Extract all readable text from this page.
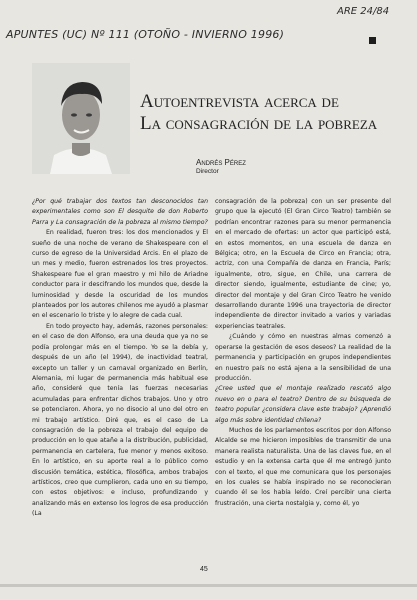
ARE 24/84
APUNTES (UC) Nº 111 (OTOÑO - INVIERNO 1996)
Autoentrevista acerca de
La consagración de la pobreza
Andrés Pérez
Director

¿Por qué trabajar dos textos tan desconocidos tan experimentales como son El desquite de don Roberto Parra y La consagración de la pobreza al mismo tiempo?

En realidad, fueron tres: los dos mencionados y El sueño de una noche de verano de Shakespeare con el curso de egreso de la Universidad Arcis. En el plazo de un mes y medio, fueron estrenados los tres proyectos. Shakespeare fue el gran maestro y mi hilo de Ariadne conductor para ir descifrando los mundos que, desde la luminosidad y desde la oscuridad de los mundos planteados por los autores chilenos me ayudó a plasmar en el escenario lo triste y lo alegre de cada cual.

En todo proyecto hay, además, razones personales: en el caso de don Alfonso, era una deuda que ya no se podía prolongar más en el tiempo. Yo se la debía y, después de un año (el 1994), de inactividad teatral, excepto un taller y un carnaval organizado en Berlín, Alemania, mi lugar de permanencia más habitual ese año, consideré que tenía las fuerzas necesarias acumuladas para enfrentar dichos trabajos. Uno y otro se potenciaron. Ahora, yo no disocio al uno del otro en mi trabajo artístico. Diré que, es el caso de La consagración de la pobreza el trabajo del equipo de producción en lo que atañe a la distribución, publicidad, permanencia en cartelera, fue menor y menos exitoso. En lo artístico, en su aporte real a lo público como discusión temática, estética, filosófica, ambos trabajos artísticos, creo que cumplieron, cada uno en su tiempo, con estos objetivos: e incluso, profundizando y analizando más en extenso los logros de esa producción (La

consagración de la pobreza) con un ser presente del grupo que la ejecutó (El Gran Circo Teatro) también se podrían encontrar razones para su menor permanencia en el mercado de ofertas: un actor que participó está, en estos momentos, en una escuela de danza en Bélgica; otro, en la Escuela de Circo en Francia; otra, actriz, con una Compañía de danza en Francia, París; igualmente, otro, sigue, en Chile, una carrera de director siendo, igualmente, estudiante de cine; yo, director del montaje y del Gran Circo Teatro he venido desarrollando durante 1996 una trayectoria de director independiente de director invitado a varios y variadas experiencias teatrales.

¿Cuándo y cómo en nuestras almas comenzó a operarse la gestación de esos deseos? La realidad de la permanencia y participación en grupos independientes en nuestro país no está ajena a la sensibilidad de una producción.

¿Cree usted que el montaje realizado rescató algo nuevo en o para el teatro? Dentro de su búsqueda de teatro popular ¿considera clave este trabajo? ¿Aprendió algo más sobre identidad chilena?

Muchos de los parlamentos escritos por don Alfonso Alcalde se me hicieron imposibles de transmitir de una manera realista naturalista. Una de las claves fue, en el estudio y en la extensa carta que él me entregó junto con el texto, el que me comunicara que los personajes en los cuales se había inspirado no se reconocieran cuando él se los había leído. Creí percibir una cierta frustración, una cierta nostalgia y, como él, yo

45
